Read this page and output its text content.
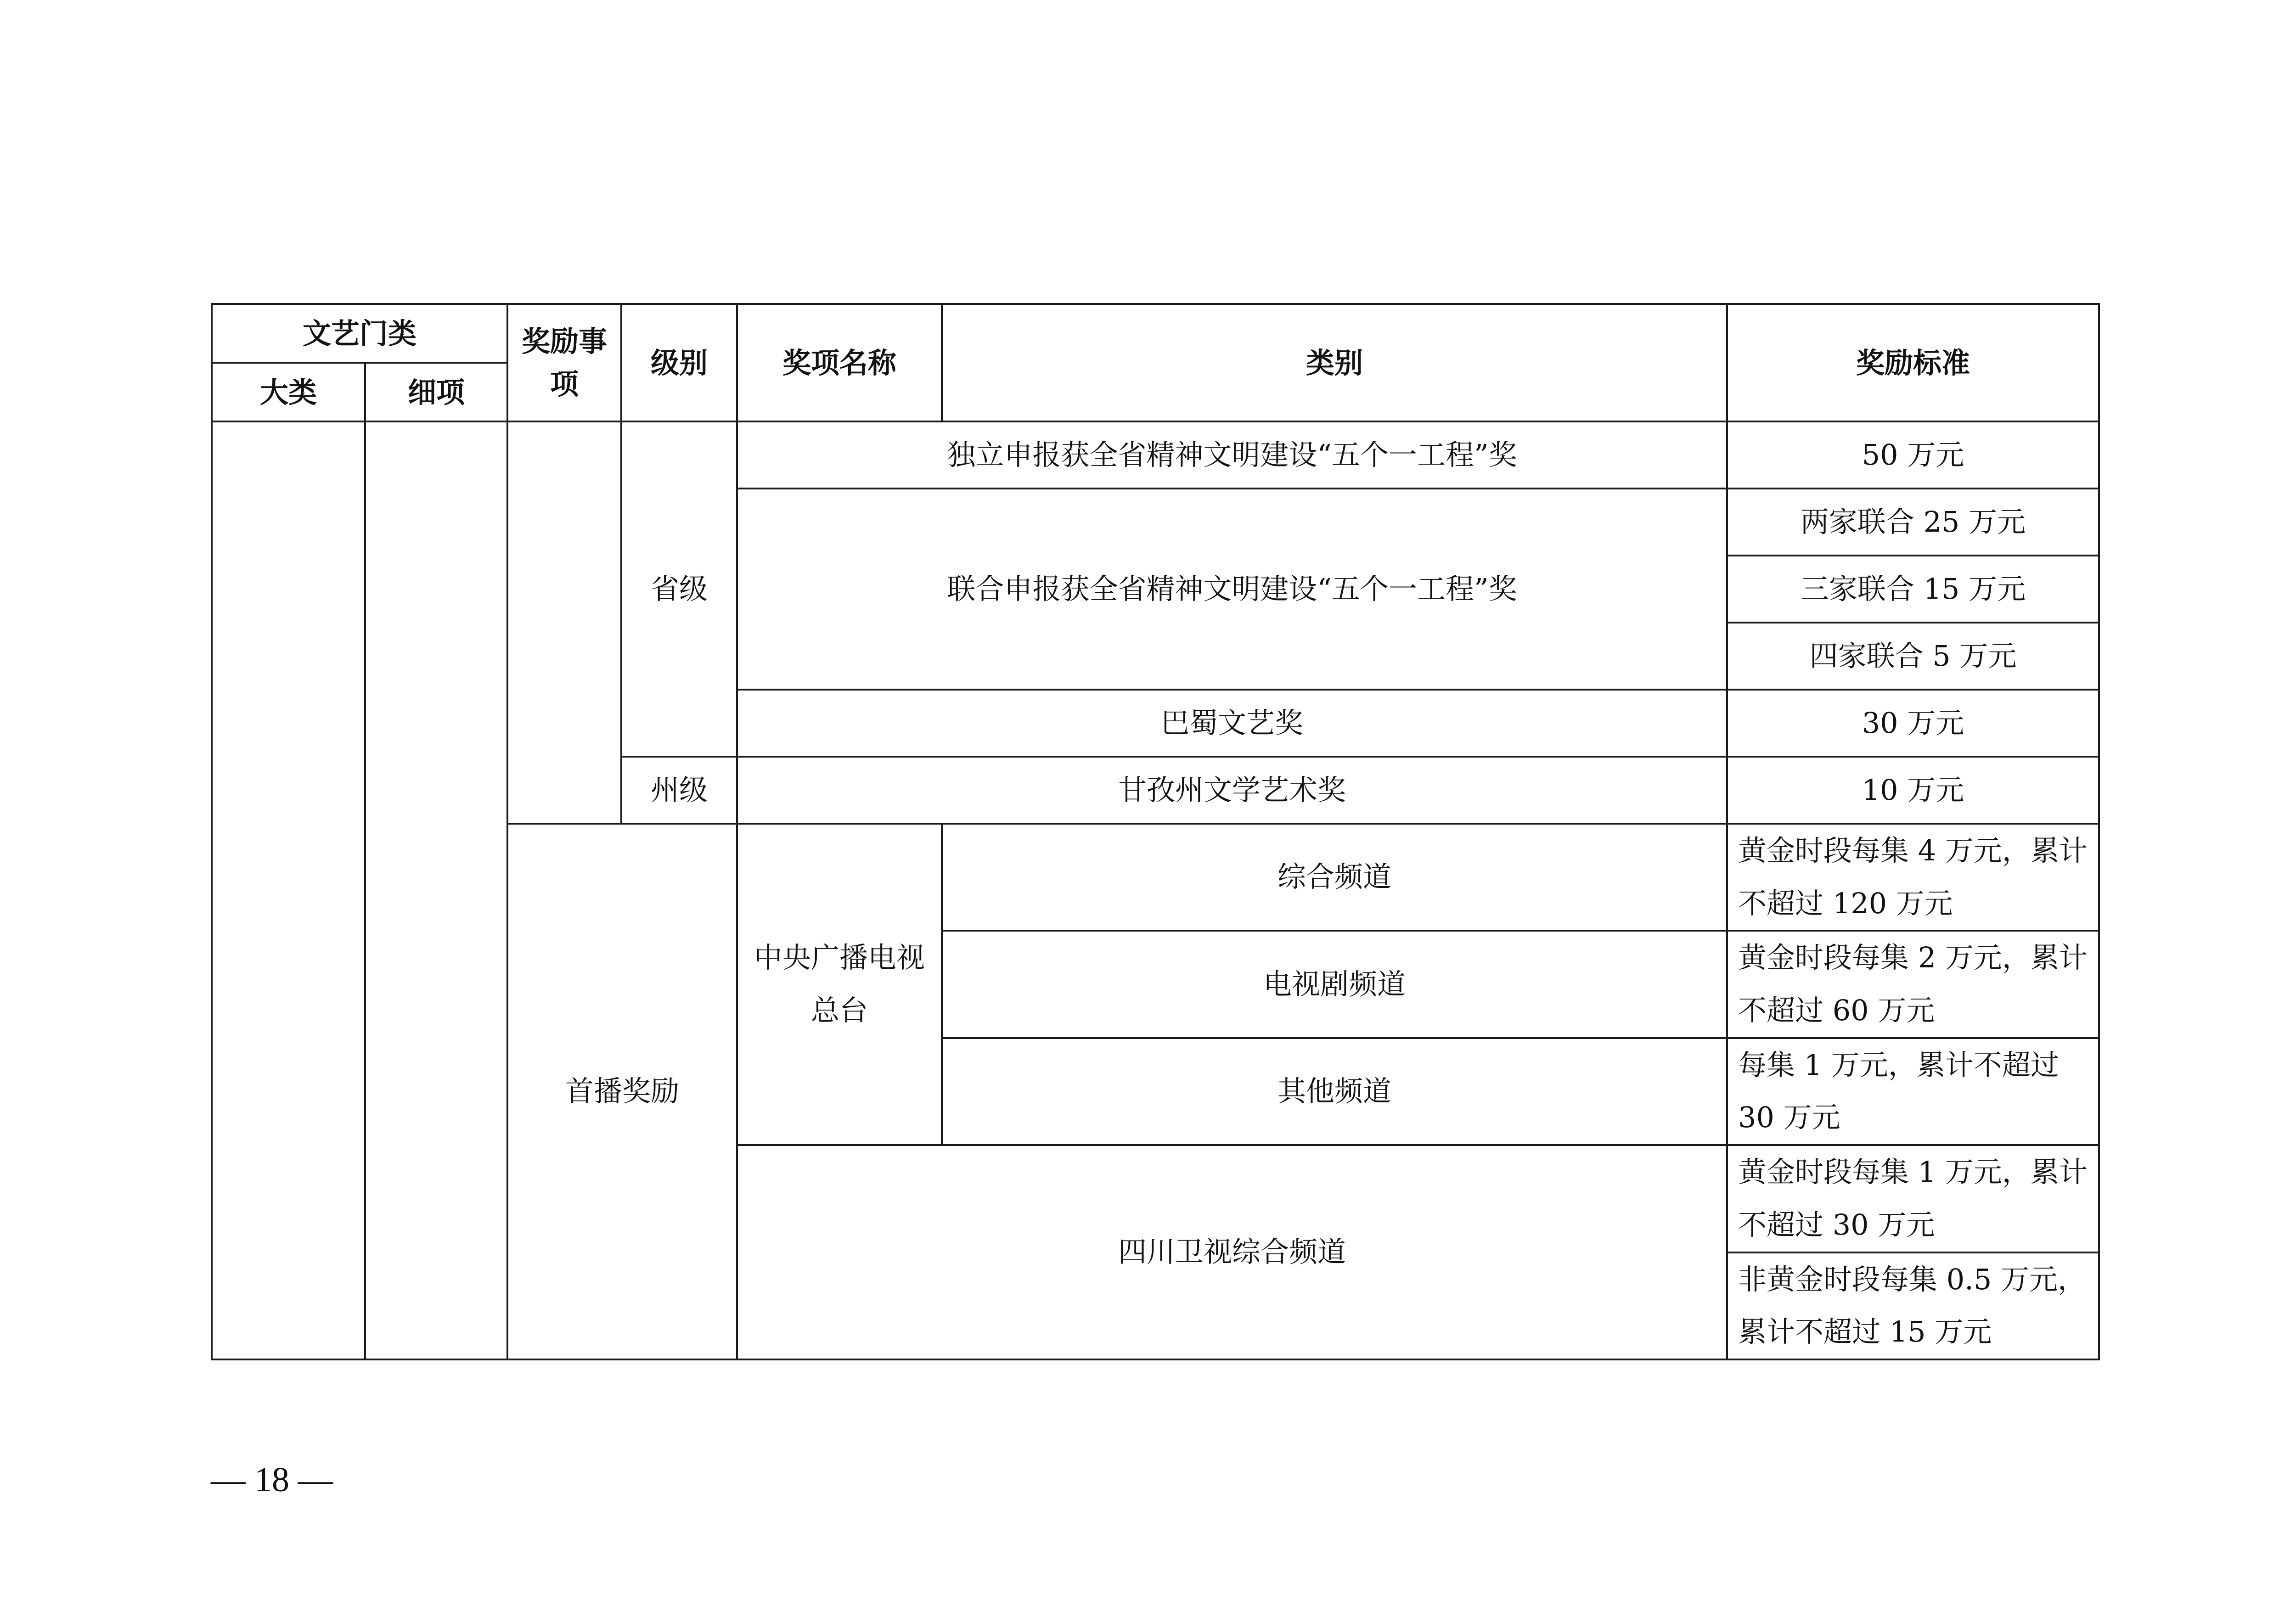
文艺门类		奖励事项	级别	奖项名称	类别	奖励标准
大类	细项					
			省级	独立申报获全省精神文明建设“五个一工程”奖		50 万元
				联合申报获全省精神文明建设“五个一工程”奖		两家联合 25 万元
						三家联合 15 万元
						四家联合 5 万元
				巴蜀文艺奖		30 万元
			州级	甘孜州文学艺术奖		10 万元
		首播奖励		中央广播电视总台	综合频道	黄金时段每集 4 万元，累计不超过 120 万元
					电视剧频道	黄金时段每集 2 万元，累计不超过 60 万元
					其他频道	每集 1 万元，累计不超过 30 万元
				四川卫视综合频道		黄金时段每集 1 万元，累计不超过 30 万元
						非黄金时段每集 0.5 万元，累计不超过 15 万元
— 18 —
